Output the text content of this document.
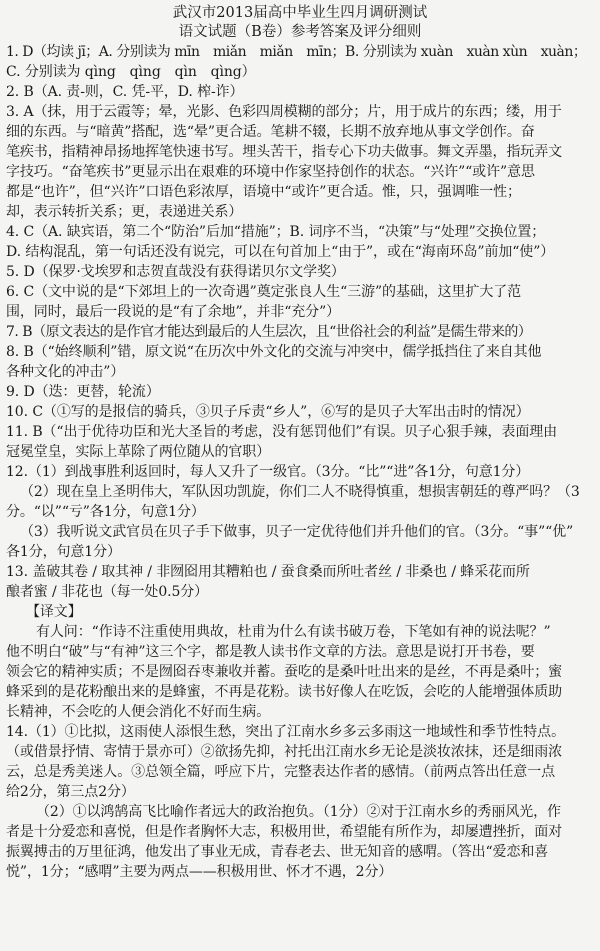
武汉市2013届高中毕业生四月调研测试
语文试题（B卷）参考答案及评分细则
1. D（均读 jī；A. 分别读为 mīn　miǎn　miǎn　mīn；B. 分别读为 xuàn　xuàn xùn　xuàn；
C. 分别读为 qìng　qìng　qìn　qìng）
2. B（A. 责-则，C. 凭-平，D. 榨-诈）
3. A（抹，用于云霞等；晕，光影、色彩四周模糊的部分；片，用于成片的东西；缕，用于
细的东西。与“暗黄”搭配，选“晕”更合适。笔耕不辍，长期不放弃地从事文学创作。奋
笔疾书，指精神昂扬地挥笔快速书写。埋头苦干，指专心下功夫做事。舞文弄墨，指玩弄文
字技巧。“奋笔疾书”更显示出在艰难的环境中作家坚持创作的状态。“兴许”“或许”意思
都是“也许”，但“兴许”口语色彩浓厚，语境中“或许”更合适。惟，只，强调唯一性；
却，表示转折关系；更，表递进关系）
4. C（A. 缺宾语，第二个“防治”后加“措施”；B. 词序不当，“决策”与“处理”交换位置；
D. 结构混乱，第一句话还没有说完，可以在句首加上“由于”，或在“海南环岛”前加“使”）
5. D（保罗·戈埃罗和志贺直哉没有获得诺贝尔文学奖）
6. C（文中说的是“下郊坦上的一次奇遇”奠定张良人生“三游”的基础，这里扩大了范
围，同时，最后一段说的是“有了余地”，并非“充分”）
7. B（原文表达的是作官才能达到最后的人生层次，且“世俗社会的利益”是儒生带来的）
8. B（“始终顺利”错，原文说“在历次中外文化的交流与冲突中，儒学抵挡住了来自其他
各种文化的冲击”）
9. D（迭：更替，轮流）
10. C（①写的是报信的骑兵，③贝子斥责“乡人”，⑥写的是贝子大军出击时的情况）
11. B（“出于优待功臣和光大圣旨的考虑，没有惩罚他们”有误。贝子心狠手辣，表面理由
冠冕堂皇，实际上革除了两位随从的官职）
12.（1）到战事胜利返回时，每人又升了一级官。（3分。“比”“进”各1分，句意1分）
（2）现在皇上圣明伟大，军队因功凯旋，你们二人不晓得慎重，想损害朝廷的尊严吗？（3
分。“以”“亏”各1分，句意1分）
（3）我听说文武官员在贝子手下做事，贝子一定优待他们并升他们的官。（3分。“事”“优”
各1分，句意1分）
13. 盖破其卷 / 取其神 / 非囫囵用其糟粕也 / 蚕食桑而所吐者丝 / 非桑也 / 蜂采花而所
酿者蜜 / 非花也（每一处0.5分）
【译文】
有人问：“作诗不注重使用典故，杜甫为什么有读书破万卷，下笔如有神的说法呢？”
他不明白“破”与“有神”这三个字，都是教人读书作文章的方法。意思是说打开书卷，要
领会它的精神实质；不是囫囵吞枣兼收并蓄。蚕吃的是桑叶吐出来的是丝，不再是桑叶；蜜
蜂采到的是花粉酿出来的是蜂蜜，不再是花粉。读书好像人在吃饭，会吃的人能增强体质助
长精神，不会吃的人便会消化不好而生病。
14.（1）①比拟，这雨使人添恨生愁，突出了江南水乡多云多雨这一地域性和季节性特点。
（或借景抒情、寄情于景亦可）②欲扬先抑，衬托出江南水乡无论是淡妆浓抹，还是细雨浓
云，总是秀美迷人。③总领全篇，呼应下片，完整表达作者的感情。（前两点答出任意一点
给2分，第三点2分）
（2）①以鸿鹄高飞比喻作者远大的政治抱负。（1分）②对于江南水乡的秀丽风光，作
者是十分爱恋和喜悦，但是作者胸怀大志，积极用世，希望能有所作为，却屡遭挫折，面对
振翼搏击的万里征鸿，他发出了事业无成，青春老去、世无知音的感喟。（答出“爱恋和喜
悦”，1分；“感喟”主要为两点——积极用世、怀才不遇，2分）
